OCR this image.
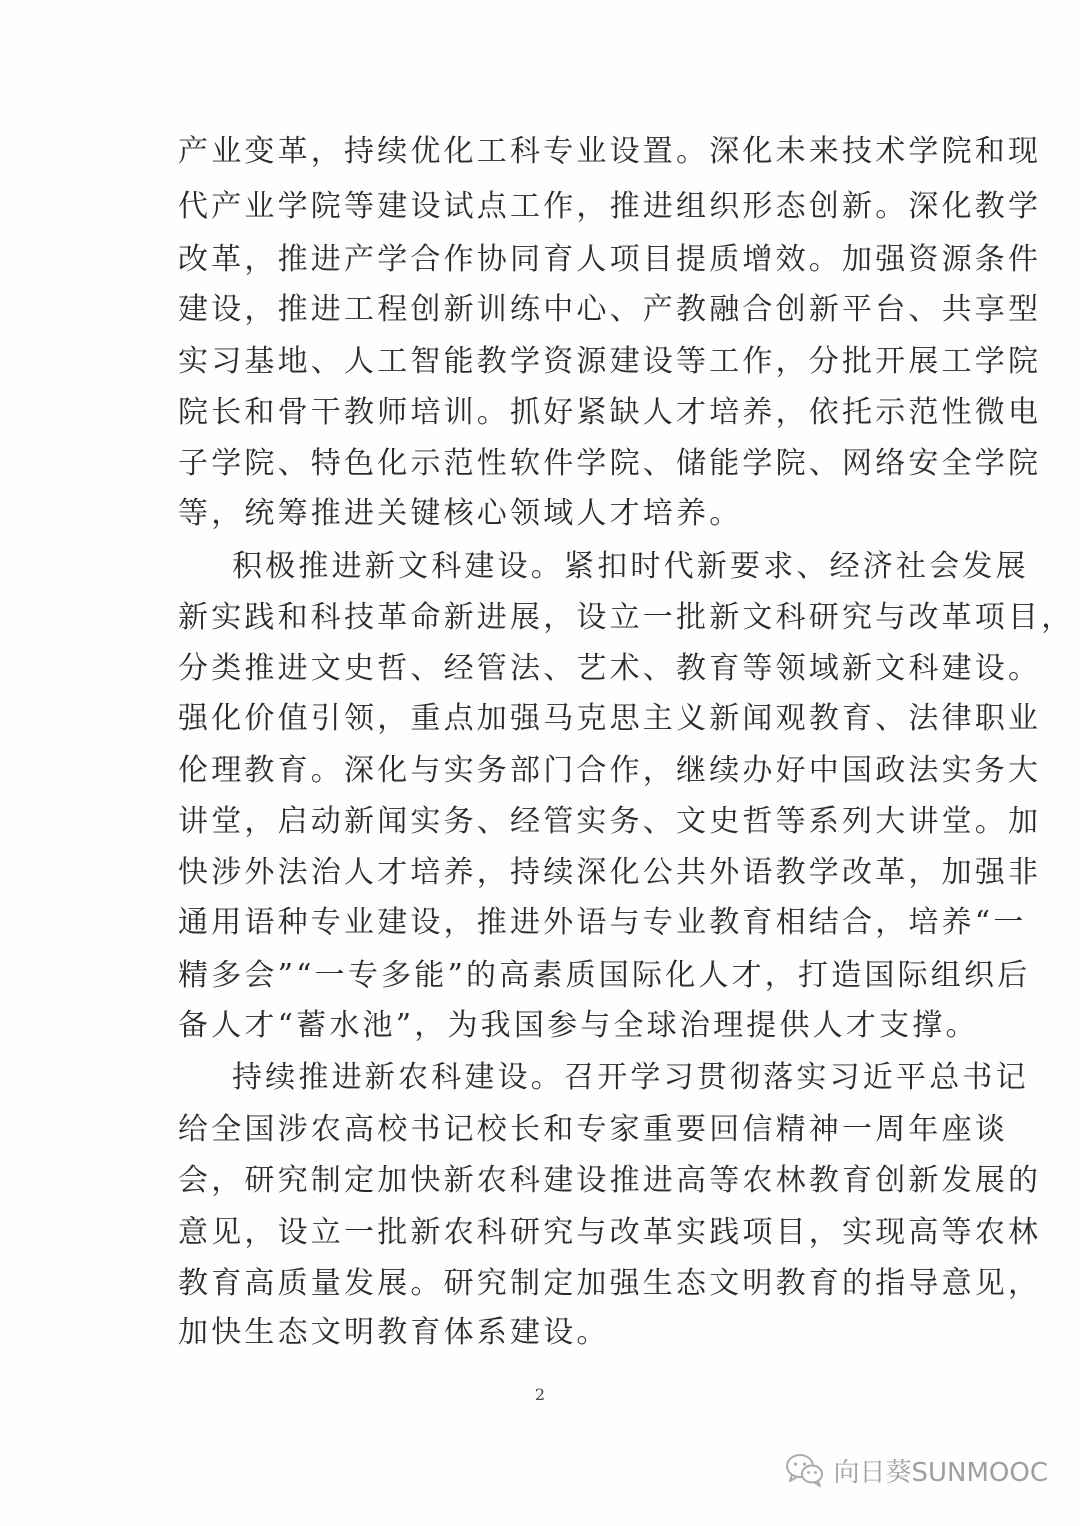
产业变革，持续优化工科专业设置。深化未来技术学院和现
代产业学院等建设试点工作，推进组织形态创新。深化教学
改革，推进产学合作协同育人项目提质增效。加强资源条件
建设，推进工程创新训练中心、产教融合创新平台、共享型
实习基地、人工智能教学资源建设等工作，分批开展工学院
院长和骨干教师培训。抓好紧缺人才培养，依托示范性微电
子学院、特色化示范性软件学院、储能学院、网络安全学院
等，统筹推进关键核心领域人才培养。
积极推进新文科建设。紧扣时代新要求、经济社会发展
新实践和科技革命新进展，设立一批新文科研究与改革项目，
分类推进文史哲、经管法、艺术、教育等领域新文科建设。
强化价值引领，重点加强马克思主义新闻观教育、法律职业
伦理教育。深化与实务部门合作，继续办好中国政法实务大
讲堂，启动新闻实务、经管实务、文史哲等系列大讲堂。加
快涉外法治人才培养，持续深化公共外语教学改革，加强非
通用语种专业建设，推进外语与专业教育相结合，培养“一
精多会”“一专多能”的高素质国际化人才，打造国际组织后
备人才“蓄水池”，为我国参与全球治理提供人才支撑。
持续推进新农科建设。召开学习贯彻落实习近平总书记
给全国涉农高校书记校长和专家重要回信精神一周年座谈
会，研究制定加快新农科建设推进高等农林教育创新发展的
意见，设立一批新农科研究与改革实践项目，实现高等农林
教育高质量发展。研究制定加强生态文明教育的指导意见，
加快生态文明教育体系建设。
2
向日葵SUNMOOC
